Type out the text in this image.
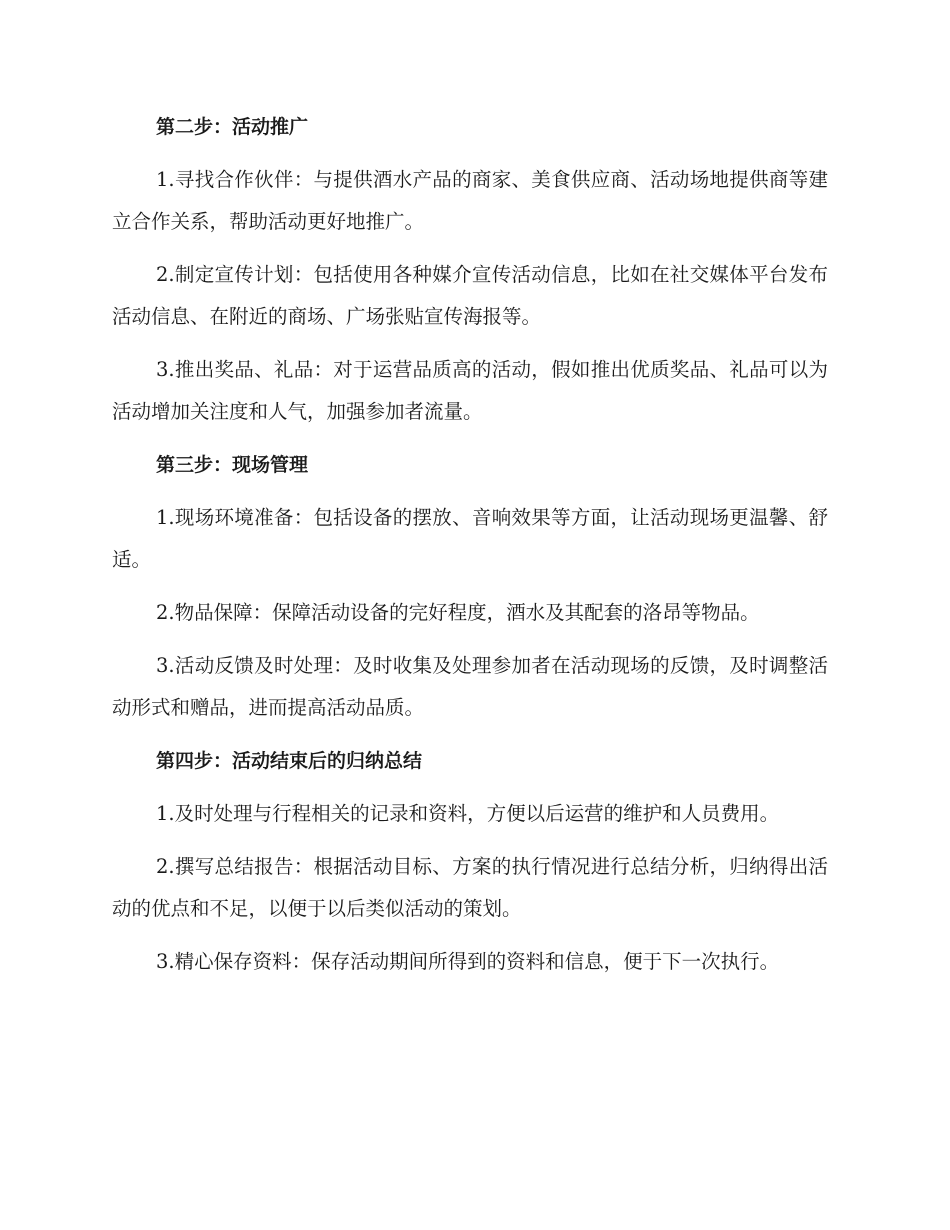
第二步：活动推广

1.寻找合作伙伴：与提供酒水产品的商家、美食供应商、活动场地提供商等建立合作关系，帮助活动更好地推广。

2.制定宣传计划：包括使用各种媒介宣传活动信息，比如在社交媒体平台发布活动信息、在附近的商场、广场张贴宣传海报等。

3.推出奖品、礼品：对于运营品质高的活动，假如推出优质奖品、礼品可以为活动增加关注度和人气，加强参加者流量。

第三步：现场管理

1.现场环境准备：包括设备的摆放、音响效果等方面，让活动现场更温馨、舒适。

2.物品保障：保障活动设备的完好程度，酒水及其配套的洛昂等物品。

3.活动反馈及时处理：及时收集及处理参加者在活动现场的反馈，及时调整活动形式和赠品，进而提高活动品质。

第四步：活动结束后的归纳总结

1.及时处理与行程相关的记录和资料，方便以后运营的维护和人员费用。

2.撰写总结报告：根据活动目标、方案的执行情况进行总结分析，归纳得出活动的优点和不足，以便于以后类似活动的策划。

3.精心保存资料：保存活动期间所得到的资料和信息，便于下一次执行。
